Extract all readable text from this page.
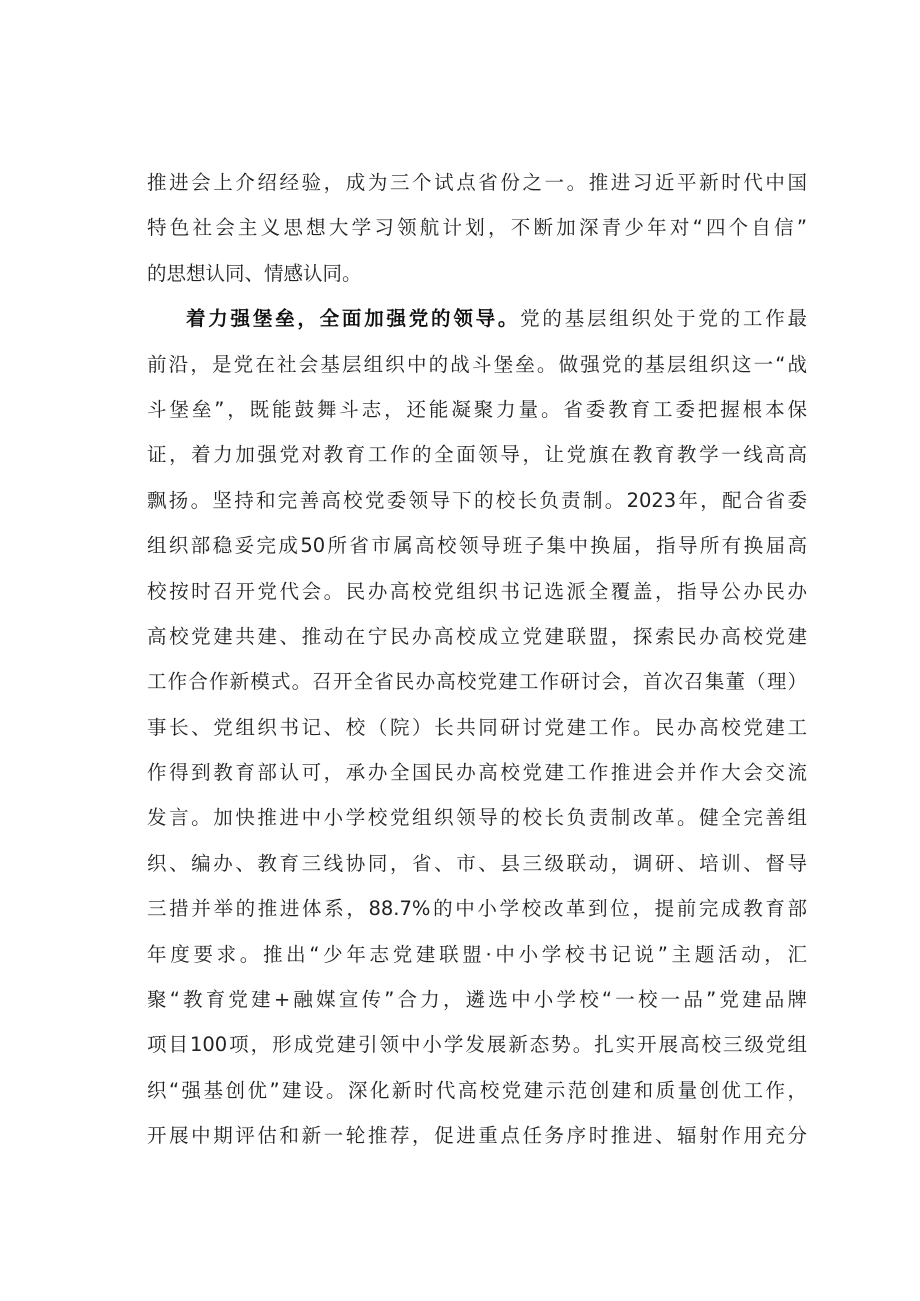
推进会上介绍经验，成为三个试点省份之一。推进习近平新时代中国
特色社会主义思想大学习领航计划，不断加深青少年对“四个自信”
的思想认同、情感认同。
着力强堡垒，全面加强党的领导。党的基层组织处于党的工作最
前沿，是党在社会基层组织中的战斗堡垒。做强党的基层组织这一“战
斗堡垒”，既能鼓舞斗志，还能凝聚力量。省委教育工委把握根本保
证，着力加强党对教育工作的全面领导，让党旗在教育教学一线高高
飘扬。坚持和完善高校党委领导下的校长负责制。2023年，配合省委
组织部稳妥完成50所省市属高校领导班子集中换届，指导所有换届高
校按时召开党代会。民办高校党组织书记选派全覆盖，指导公办民办
高校党建共建、推动在宁民办高校成立党建联盟，探索民办高校党建
工作合作新模式。召开全省民办高校党建工作研讨会，首次召集董（理）
事长、党组织书记、校（院）长共同研讨党建工作。民办高校党建工
作得到教育部认可，承办全国民办高校党建工作推进会并作大会交流
发言。加快推进中小学校党组织领导的校长负责制改革。健全完善组
织、编办、教育三线协同，省、市、县三级联动，调研、培训、督导
三措并举的推进体系，88.7%的中小学校改革到位，提前完成教育部
年度要求。推出“少年志党建联盟·中小学校书记说”主题活动，汇
聚“教育党建+融媒宣传”合力，遴选中小学校“一校一品”党建品牌
项目100项，形成党建引领中小学发展新态势。扎实开展高校三级党组
织“强基创优”建设。深化新时代高校党建示范创建和质量创优工作，
开展中期评估和新一轮推荐，促进重点任务序时推进、辐射作用充分
